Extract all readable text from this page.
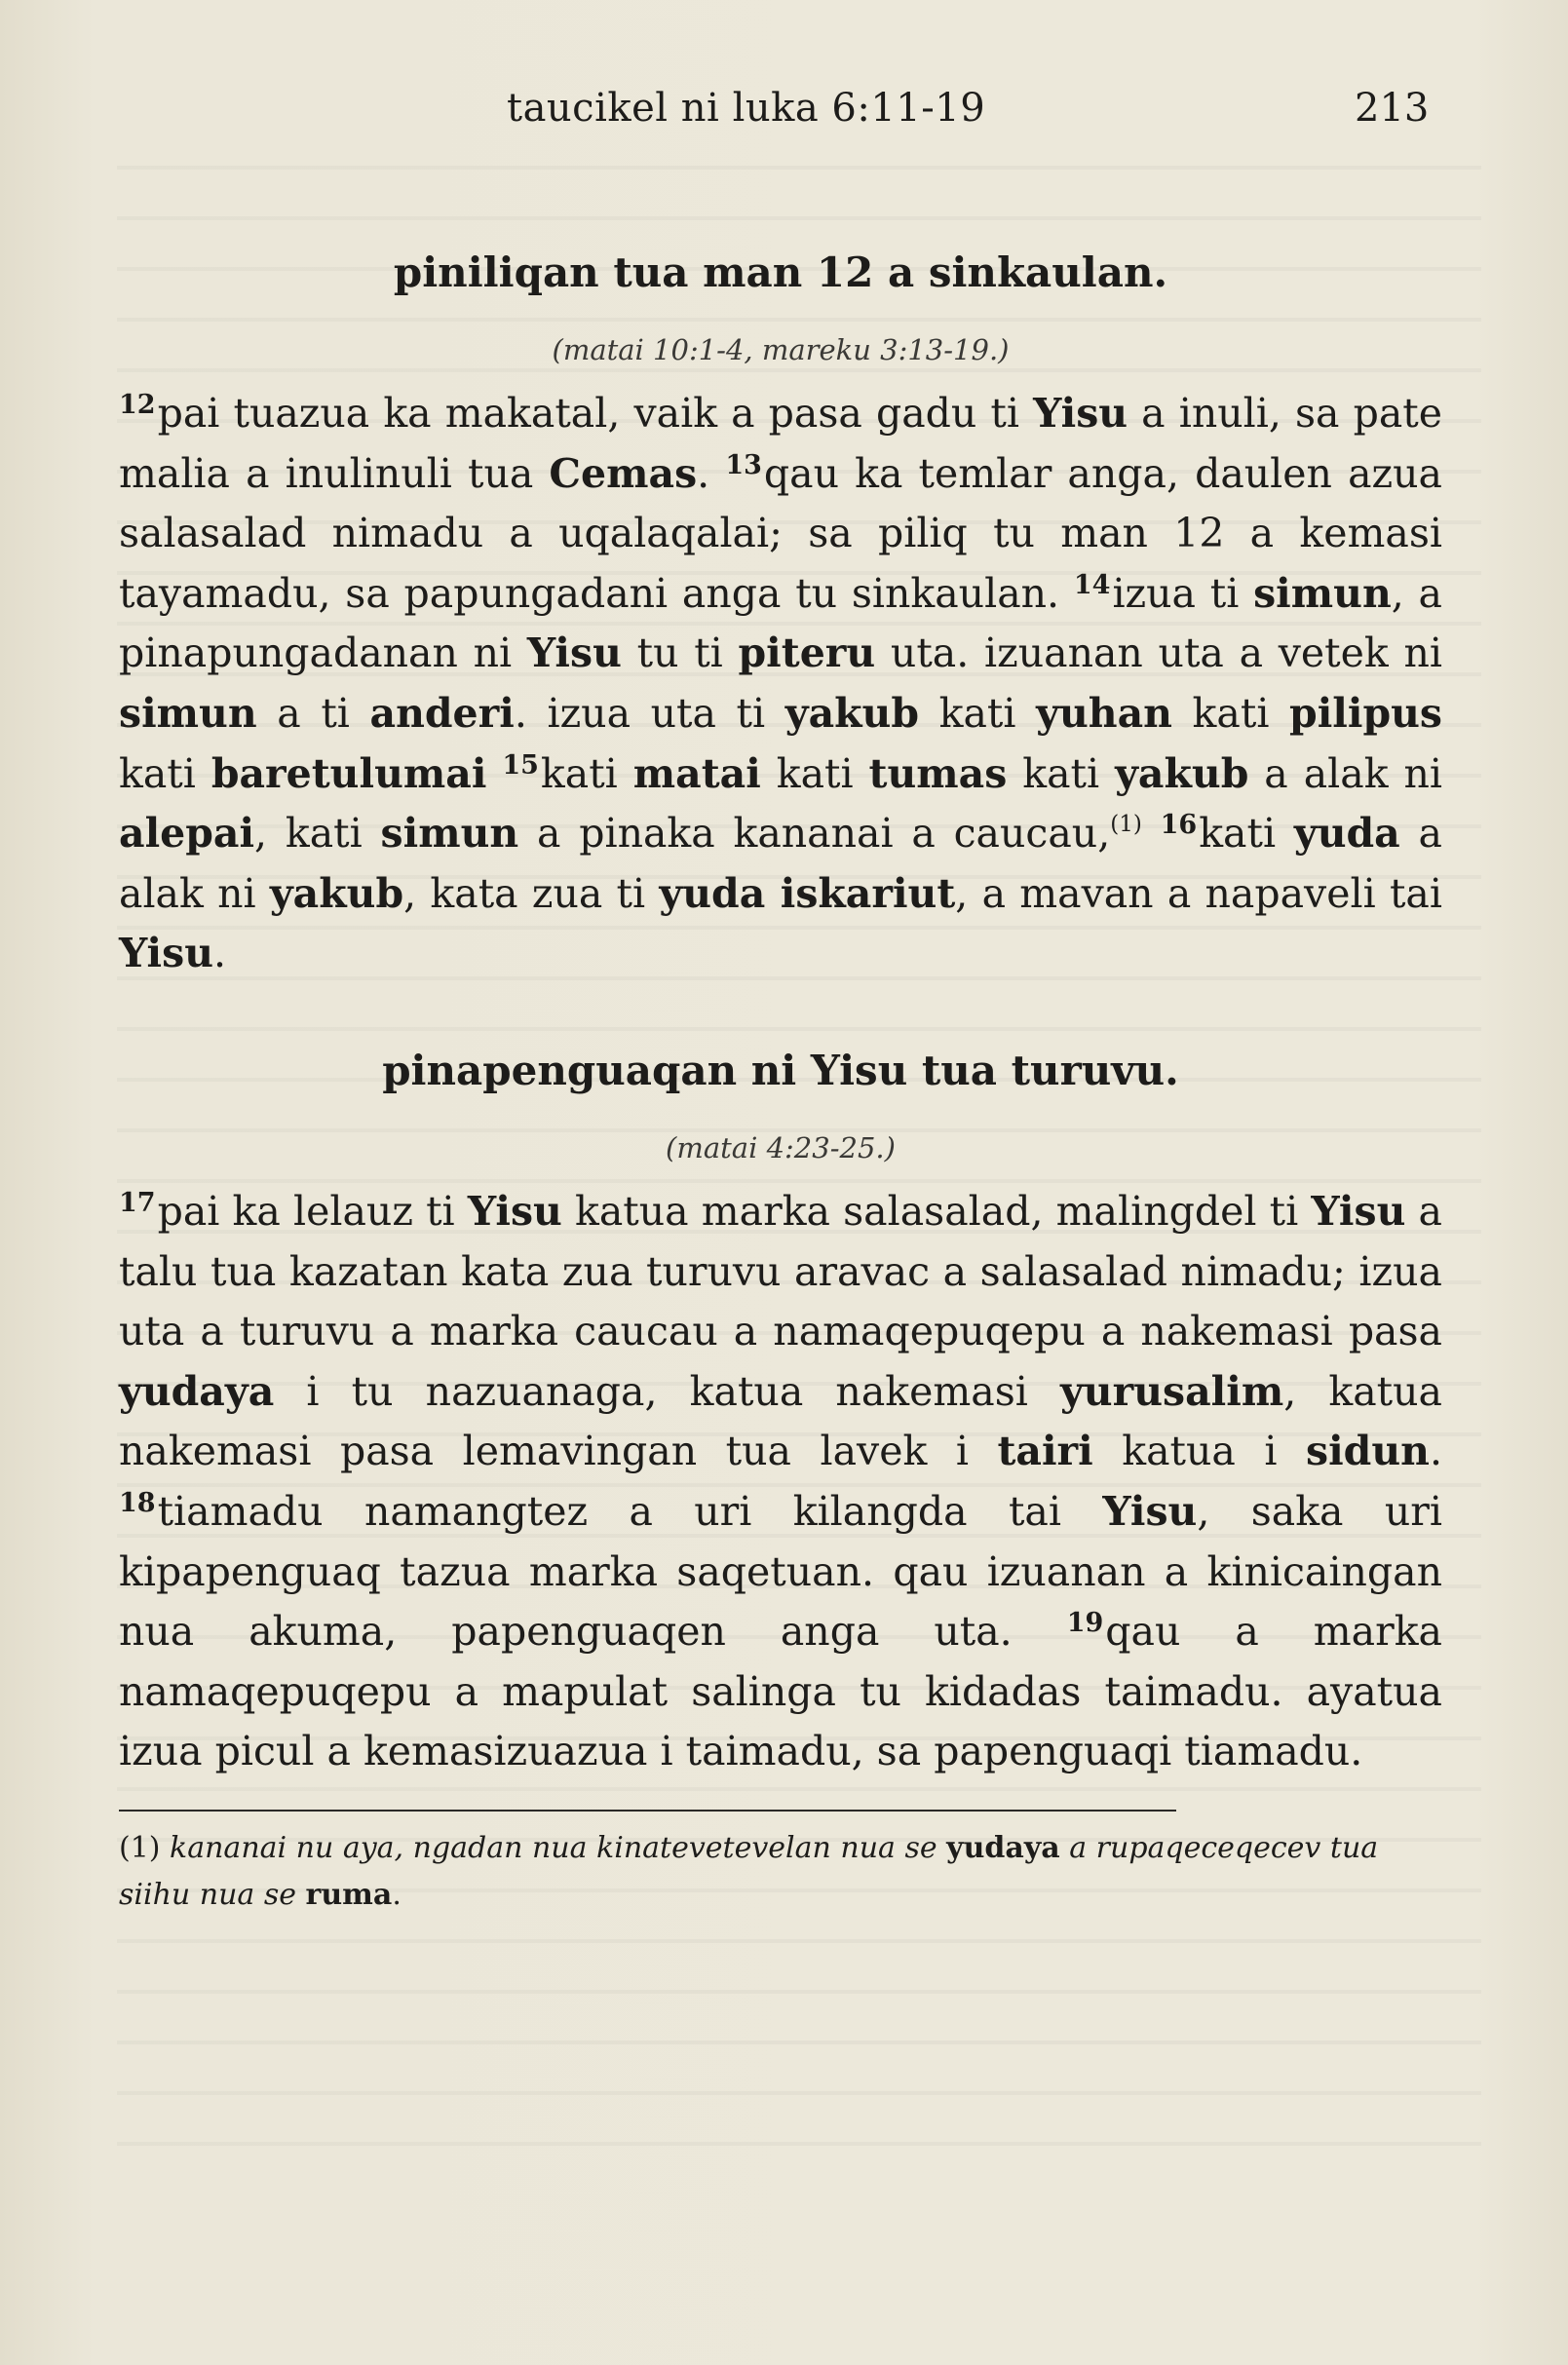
taucikel ni luka 6:11-19	213
piniliqan tua man 12 a sinkaulan.
(matai 10:1-4, mareku 3:13-19.)

$^{12}$pai tuazua ka makatal, vaik a pasa gadu ti Yisu a inuli, sa pate malia a inulinuli tua Cemas. $^{13}$qau ka temlar anga, daulen azua salasalad nimadu a uqalaqalai; sa piliq tu man 12 a kemasi tayamadu, sa papungadani anga tu sinkaulan. $^{14}$izua ti simun, a pinapungadanan ni Yisu tu ti piteru uta. izuanan uta a vetek ni simun a ti anderi. izua uta ti yakub kati yuhan kati pilipus kati baretulumai $^{15}$kati matai kati tumas kati yakub a alak ni alepai, kati simun a pinaka kananai a caucau,$^{(1)}$ $^{16}$kati yuda a alak ni yakub, kata zua ti yuda iskariut, a mavan a napaveli tai Yisu.

pinapenguaqan ni Yisu tua turuvu.
(matai 4:23-25.)

$^{17}$pai ka lelauz ti Yisu katua marka salasalad, malingdel ti Yisu a talu tua kazatan kata zua turuvu aravac a salasalad nimadu; izua uta a turuvu a marka caucau a namaqepuqepu a nakemasi pasa yudaya i tu nazuanaga, katua nakemasi yurusalim, katua nakemasi pasa lemavingan tua lavek i tairi katua i sidun. $^{18}$tiamadu namangtez a uri kilangda tai Yisu, saka uri kipapenguaq tazua marka saqetuan. qau izuanan a kinicaingan nua akuma, papenguaqen anga uta. $^{19}$qau a marka namaqepuqepu a mapulat salinga tu kidadas taimadu. ayatua izua picul a kemasizuazua i taimadu, sa papenguaqi tiamadu.

(1) kananai nu aya, ngadan nua kinatevetevelan nua se yudaya a rupaqeceqecev tua siihu nua se ruma.
